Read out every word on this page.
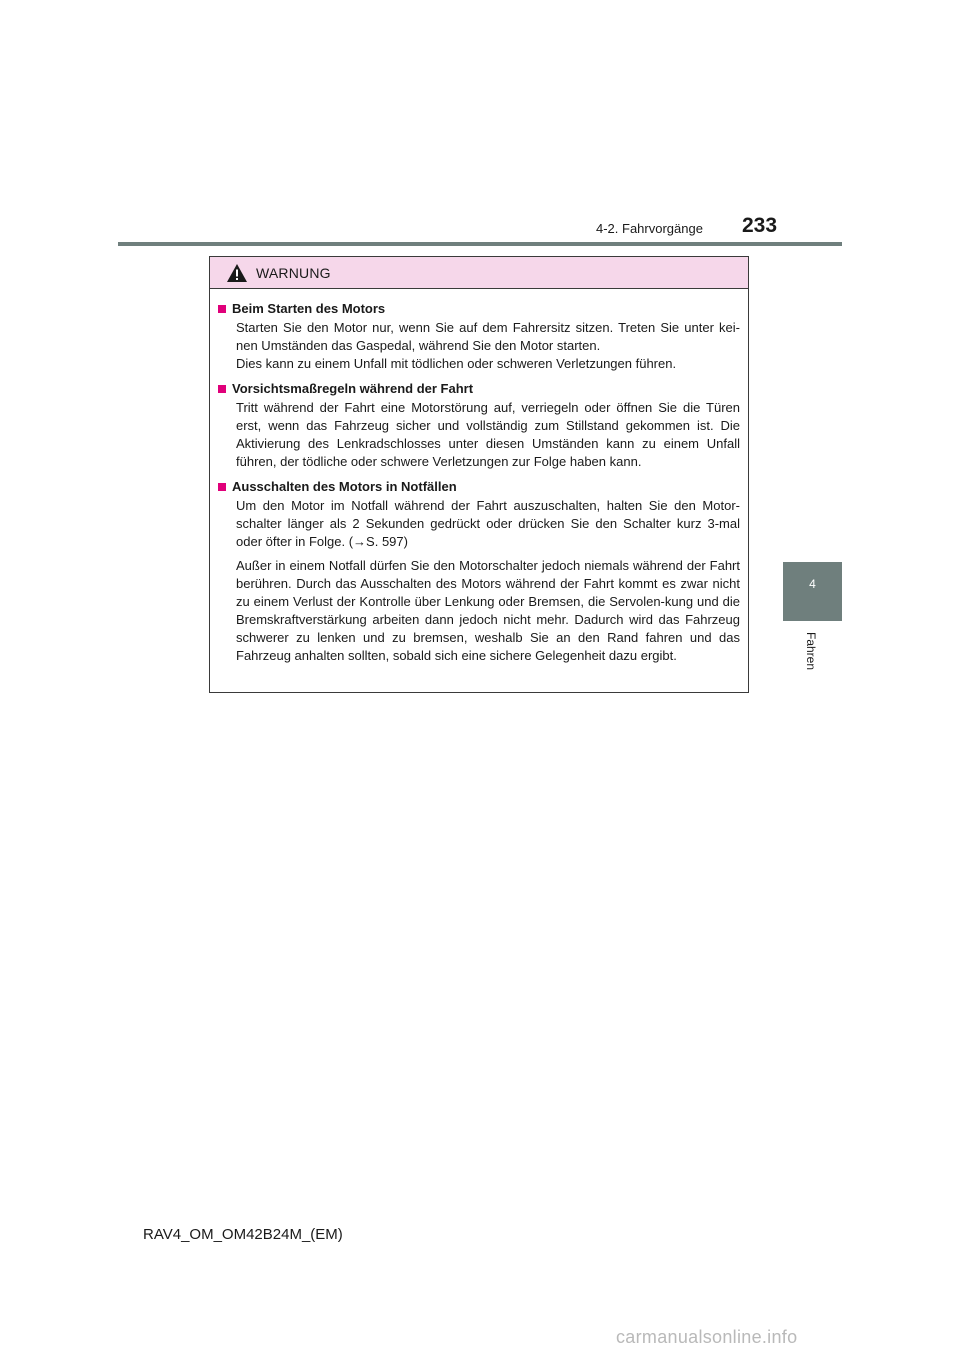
4-2. Fahrvorgänge 233
4
Fahren
WARNUNG
Beim Starten des Motors

Starten Sie den Motor nur, wenn Sie auf dem Fahrersitz sitzen. Treten Sie unter kei-nen Umständen das Gaspedal, während Sie den Motor starten.

Dies kann zu einem Unfall mit tödlichen oder schweren Verletzungen führen.

Vorsichtsmaßregeln während der Fahrt

Tritt während der Fahrt eine Motorstörung auf, verriegeln oder öffnen Sie die Türen erst, wenn das Fahrzeug sicher und vollständig zum Stillstand gekommen ist. Die Aktivierung des Lenkradschlosses unter diesen Umständen kann zu einem Unfall führen, der tödliche oder schwere Verletzungen zur Folge haben kann.

Ausschalten des Motors in Notfällen

Um den Motor im Notfall während der Fahrt auszuschalten, halten Sie den Motor-schalter länger als 2 Sekunden gedrückt oder drücken Sie den Schalter kurz 3-mal oder öfter in Folge. (→S. 597)

Außer in einem Notfall dürfen Sie den Motorschalter jedoch niemals während der Fahrt berühren. Durch das Ausschalten des Motors während der Fahrt kommt es zwar nicht zu einem Verlust der Kontrolle über Lenkung oder Bremsen, die Servolen-kung und die Bremskraftverstärkung arbeiten dann jedoch nicht mehr. Dadurch wird das Fahrzeug schwerer zu lenken und zu bremsen, weshalb Sie an den Rand fahren und das Fahrzeug anhalten sollten, sobald sich eine sichere Gelegenheit dazu ergibt.

RAV4_OM_OM42B24M_(EM)
carmanualsonline.info
